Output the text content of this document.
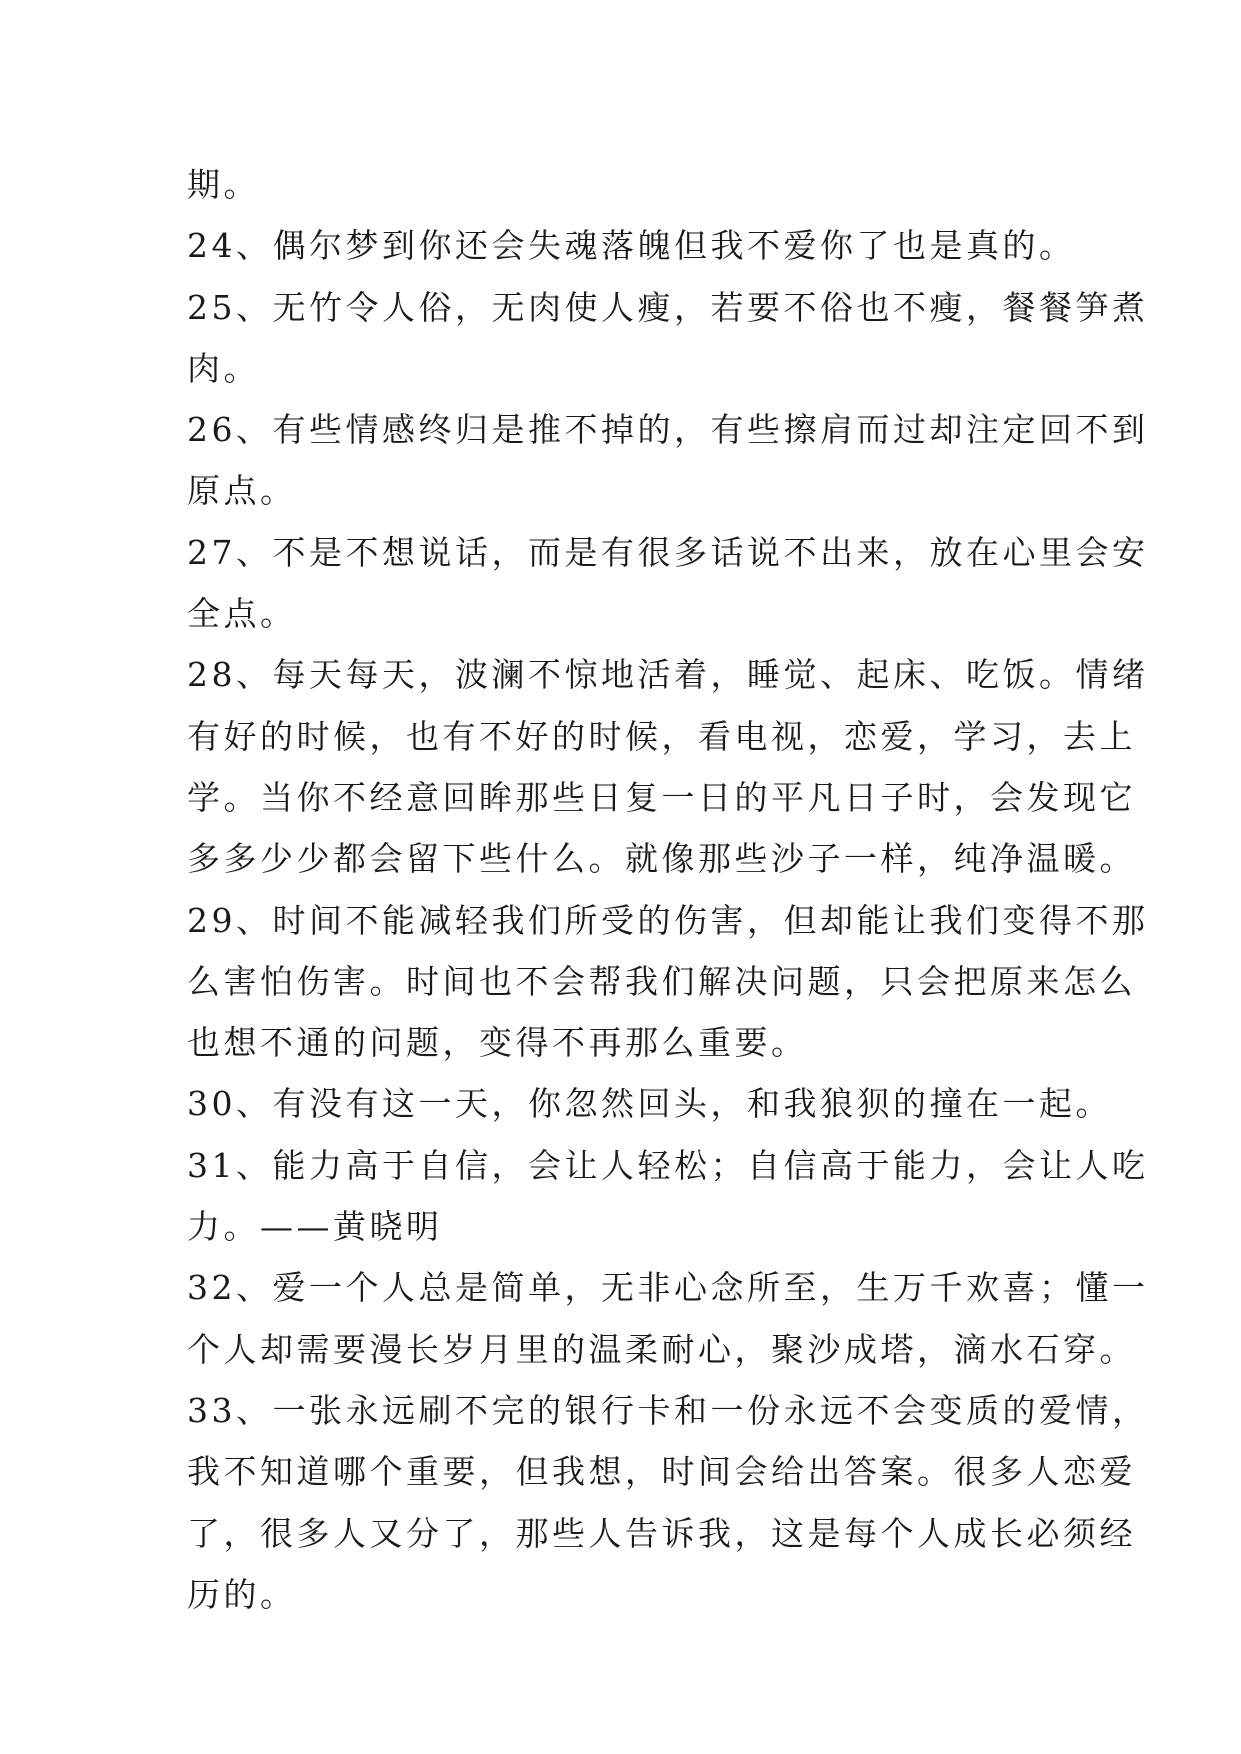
期。
24、偶尔梦到你还会失魂落魄但我不爱你了也是真的。
25、无竹令人俗，无肉使人瘦，若要不俗也不瘦，餐餐笋煮
肉。
26、有些情感终归是推不掉的，有些擦肩而过却注定回不到
原点。
27、不是不想说话，而是有很多话说不出来，放在心里会安
全点。
28、每天每天，波澜不惊地活着，睡觉、起床、吃饭。情绪
有好的时候，也有不好的时候，看电视，恋爱，学习，去上
学。当你不经意回眸那些日复一日的平凡日子时，会发现它
多多少少都会留下些什么。就像那些沙子一样，纯净温暖。
29、时间不能减轻我们所受的伤害，但却能让我们变得不那
么害怕伤害。时间也不会帮我们解决问题，只会把原来怎么
也想不通的问题，变得不再那么重要。
30、有没有这一天，你忽然回头，和我狼狈的撞在一起。
31、能力高于自信，会让人轻松；自信高于能力，会让人吃
力。——黄晓明
32、爱一个人总是简单，无非心念所至，生万千欢喜；懂一
个人却需要漫长岁月里的温柔耐心，聚沙成塔，滴水石穿。
33、一张永远刷不完的银行卡和一份永远不会变质的爱情，
我不知道哪个重要，但我想，时间会给出答案。很多人恋爱
了，很多人又分了，那些人告诉我，这是每个人成长必须经
历的。
